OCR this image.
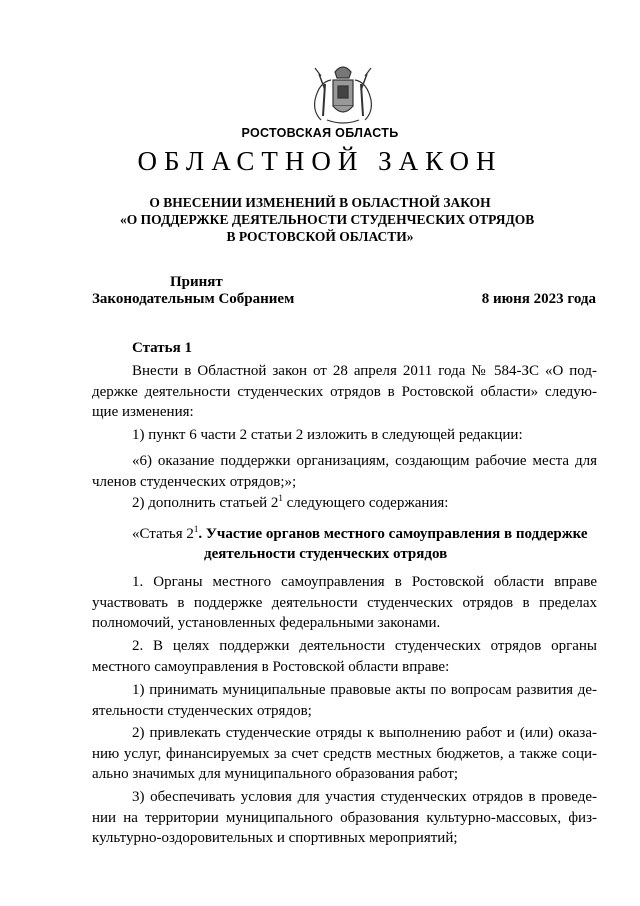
РОСТОВСКАЯ ОБЛАСТЬ
ОБЛАСТНОЙ ЗАКОН
О ВНЕСЕНИИ ИЗМЕНЕНИЙ В ОБЛАСТНОЙ ЗАКОН
«О ПОДДЕРЖКЕ ДЕЯТЕЛЬНОСТИ СТУДЕНЧЕСКИХ ОТРЯДОВ
В РОСТОВСКОЙ ОБЛАСТИ»
Принят
Законодательным Собранием	8 июня 2023 года
Статья 1
Внести в Областной закон от 28 апреля 2011 года № 584-ЗС «О под-
держке деятельности студенческих отрядов в Ростовской области» следую-
щие изменения:
1) пункт 6 части 2 статьи 2 изложить в следующей редакции:
«6) оказание поддержки организациям, создающим рабочие места для
членов студенческих отрядов;»;
2) дополнить статьей $2^1$ следующего содержания:
«Статья $2^1$. Участие органов местного самоуправления в поддержке
деятельности студенческих отрядов
1. Органы местного самоуправления в Ростовской области вправе
участвовать в поддержке деятельности студенческих отрядов в пределах
полномочий, установленных федеральными законами.
2. В целях поддержки деятельности студенческих отрядов органы
местного самоуправления в Ростовской области вправе:
1) принимать муниципальные правовые акты по вопросам развития де-
ятельности студенческих отрядов;
2) привлекать студенческие отряды к выполнению работ и (или) оказа-
нию услуг, финансируемых за счет средств местных бюджетов, а также соци-
ально значимых для муниципального образования работ;
3) обеспечивать условия для участия студенческих отрядов в проведе-
нии на территории муниципального образования культурно-массовых, физ-
культурно-оздоровительных и спортивных мероприятий;
